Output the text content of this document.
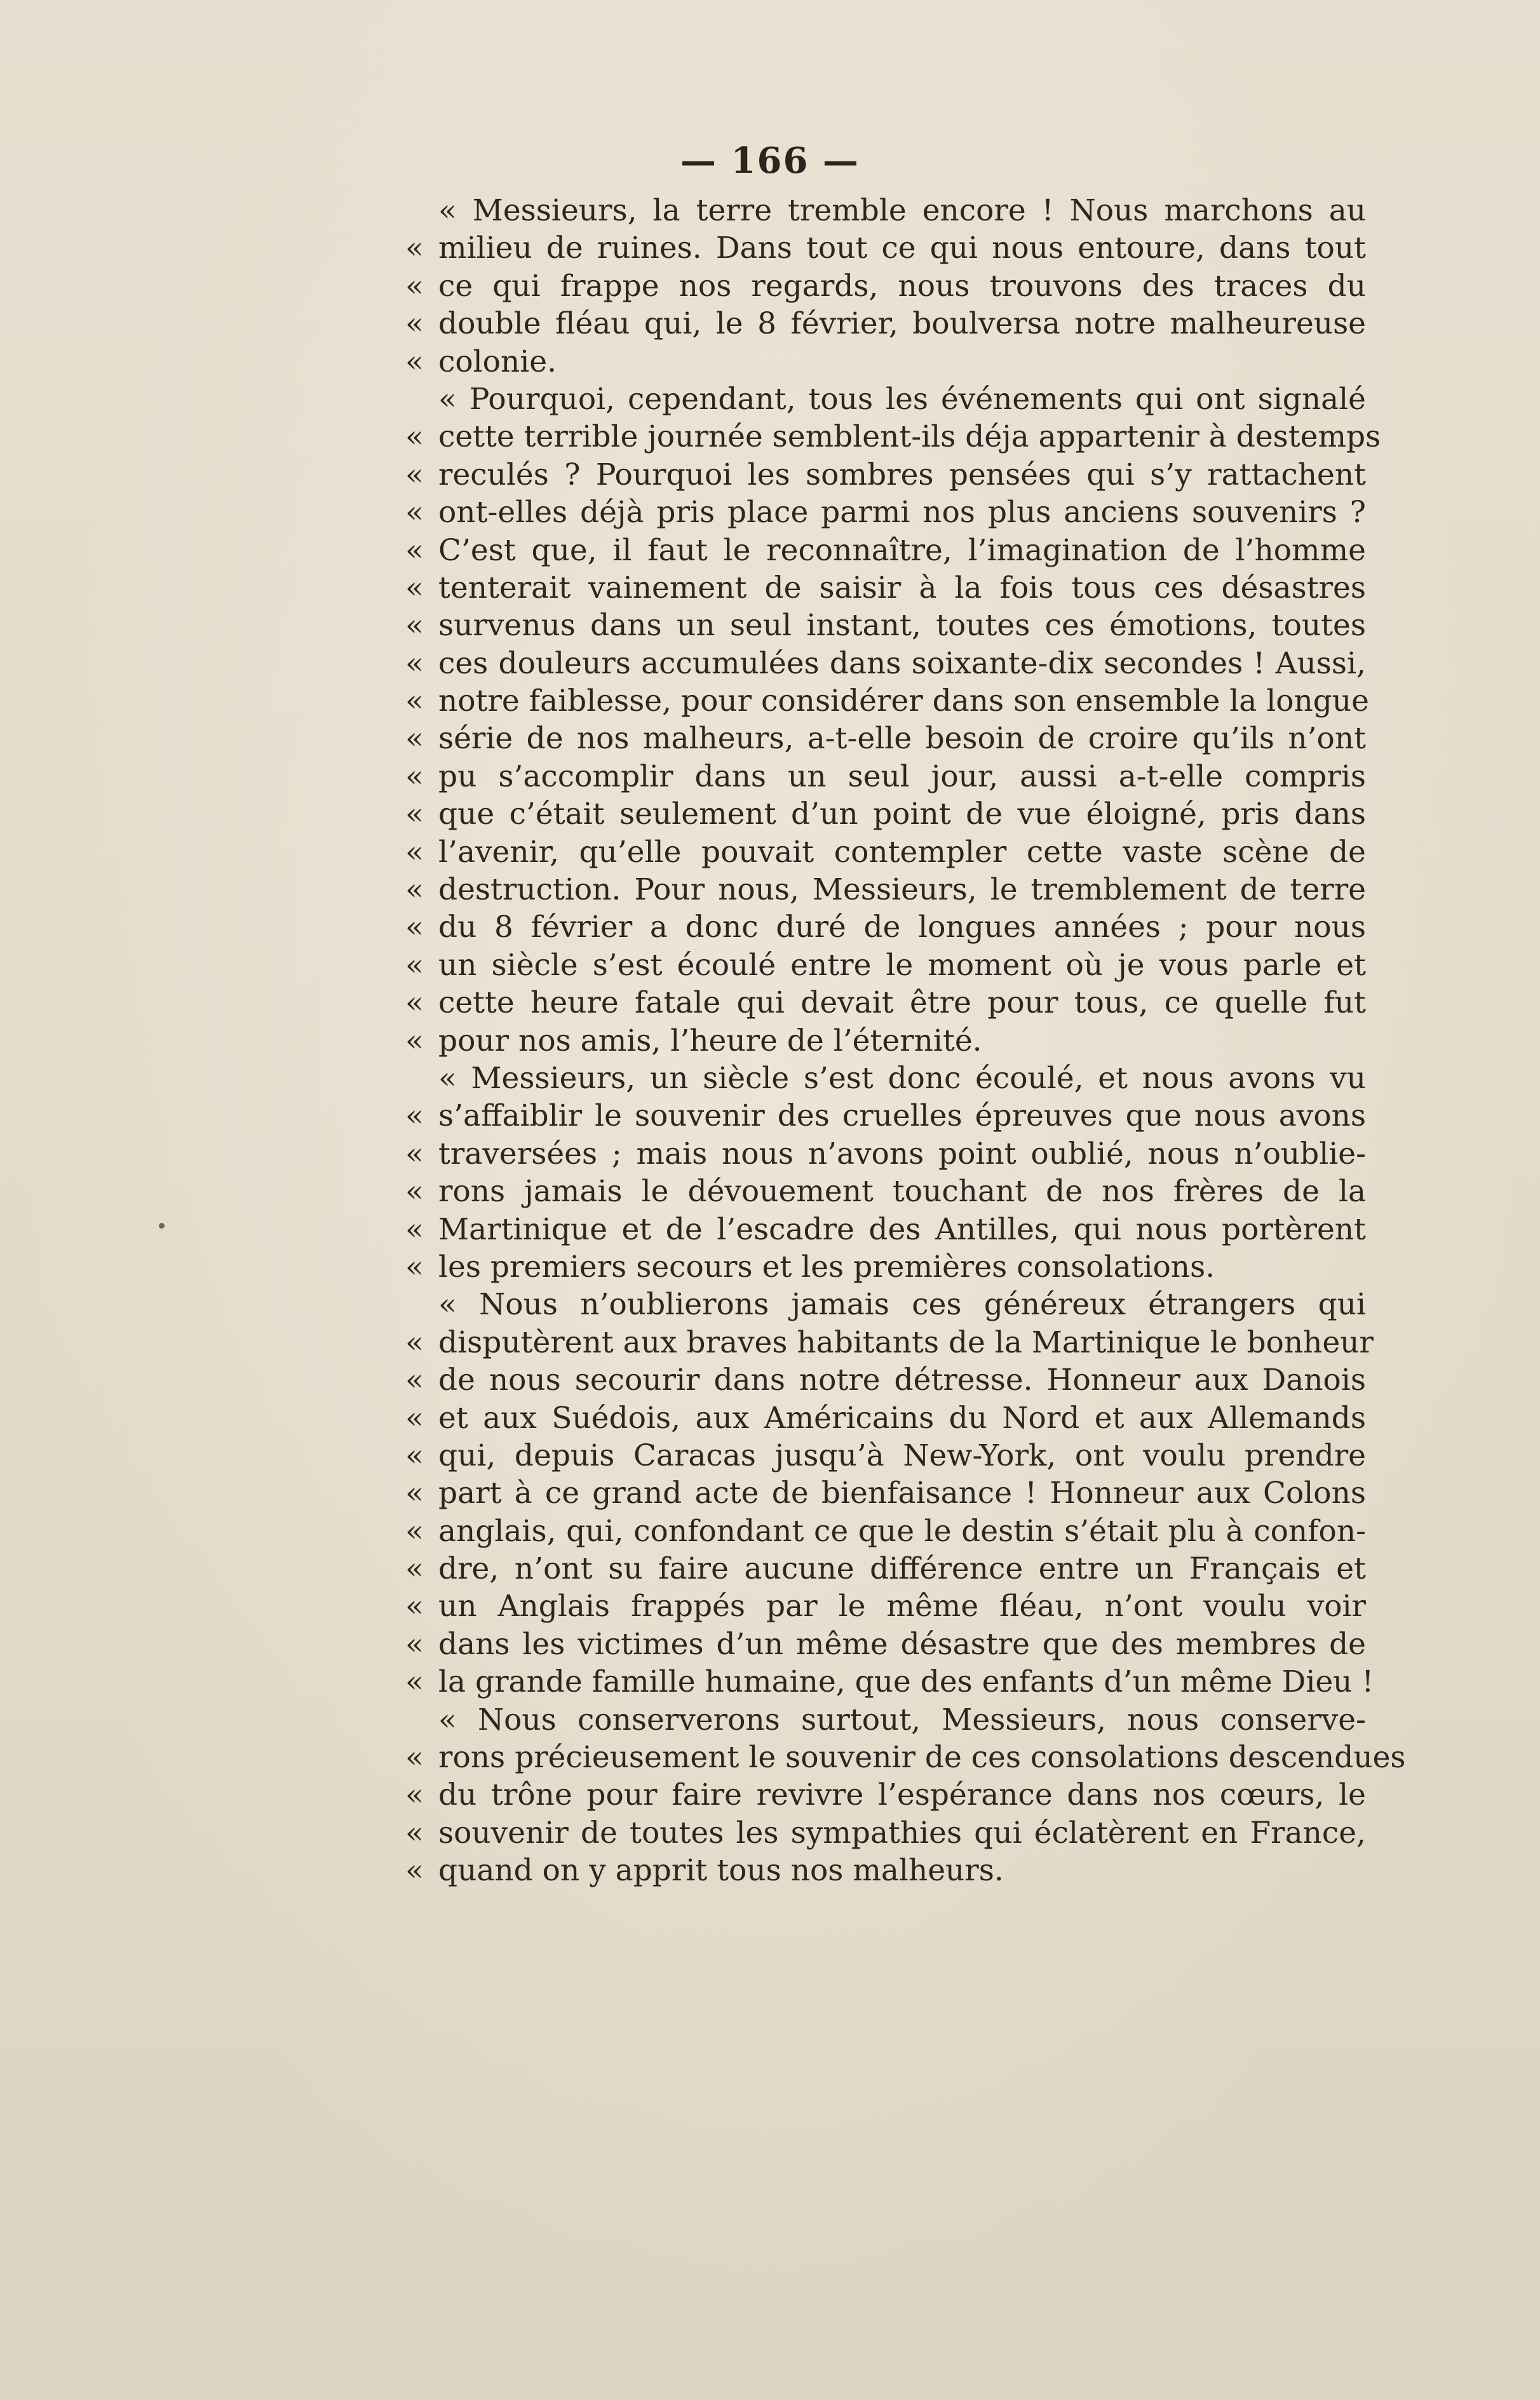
— 166 —
« Messieurs, la terre tremble encore ! Nous marchons au
« milieu de ruines. Dans tout ce qui nous entoure, dans tout
« ce qui frappe nos regards, nous trouvons des traces du
« double fléau qui, le 8 février, boulversa notre malheureuse
« colonie.
« Pourquoi, cependant, tous les événements qui ont signalé
« cette terrible journée semblent-ils déja appartenir à destemps
« reculés ? Pourquoi les sombres pensées qui s’y rattachent
« ont-elles déjà pris place parmi nos plus anciens souvenirs ?
« C’est que, il faut le reconnaître, l’imagination de l’homme
« tenterait vainement de saisir à la fois tous ces désastres
« survenus dans un seul instant, toutes ces émotions, toutes
« ces douleurs accumulées dans soixante-dix secondes ! Aussi,
« notre faiblesse, pour considérer dans son ensemble la longue
« série de nos malheurs, a-t-elle besoin de croire qu’ils n’ont
« pu s’accomplir dans un seul jour, aussi a-t-elle compris
« que c’était seulement d’un point de vue éloigné, pris dans
« l’avenir, qu’elle pouvait contempler cette vaste scène de
« destruction. Pour nous, Messieurs, le tremblement de terre
« du 8 février a donc duré de longues années ; pour nous
« un siècle s’est écoulé entre le moment où je vous parle et
« cette heure fatale qui devait être pour tous, ce quelle fut
« pour nos amis, l’heure de l’éternité.
« Messieurs, un siècle s’est donc écoulé, et nous avons vu
« s’affaiblir le souvenir des cruelles épreuves que nous avons
« traversées ; mais nous n’avons point oublié, nous n’oublie-
« rons jamais le dévouement touchant de nos frères de la
« Martinique et de l’escadre des Antilles, qui nous portèrent
« les premiers secours et les premières consolations.
« Nous n’oublierons jamais ces généreux étrangers qui
« disputèrent aux braves habitants de la Martinique le bonheur
« de nous secourir dans notre détresse. Honneur aux Danois
« et aux Suédois, aux Américains du Nord et aux Allemands
« qui, depuis Caracas jusqu’à New-York, ont voulu prendre
« part à ce grand acte de bienfaisance ! Honneur aux Colons
« anglais, qui, confondant ce que le destin s’était plu à confon-
« dre, n’ont su faire aucune différence entre un Français et
« un Anglais frappés par le même fléau, n’ont voulu voir
« dans les victimes d’un même désastre que des membres de
« la grande famille humaine, que des enfants d’un même Dieu !
« Nous conserverons surtout, Messieurs, nous conserve-
« rons précieusement le souvenir de ces consolations descendues
« du trône pour faire revivre l’espérance dans nos cœurs, le
« souvenir de toutes les sympathies qui éclatèrent en France,
« quand on y apprit tous nos malheurs.
